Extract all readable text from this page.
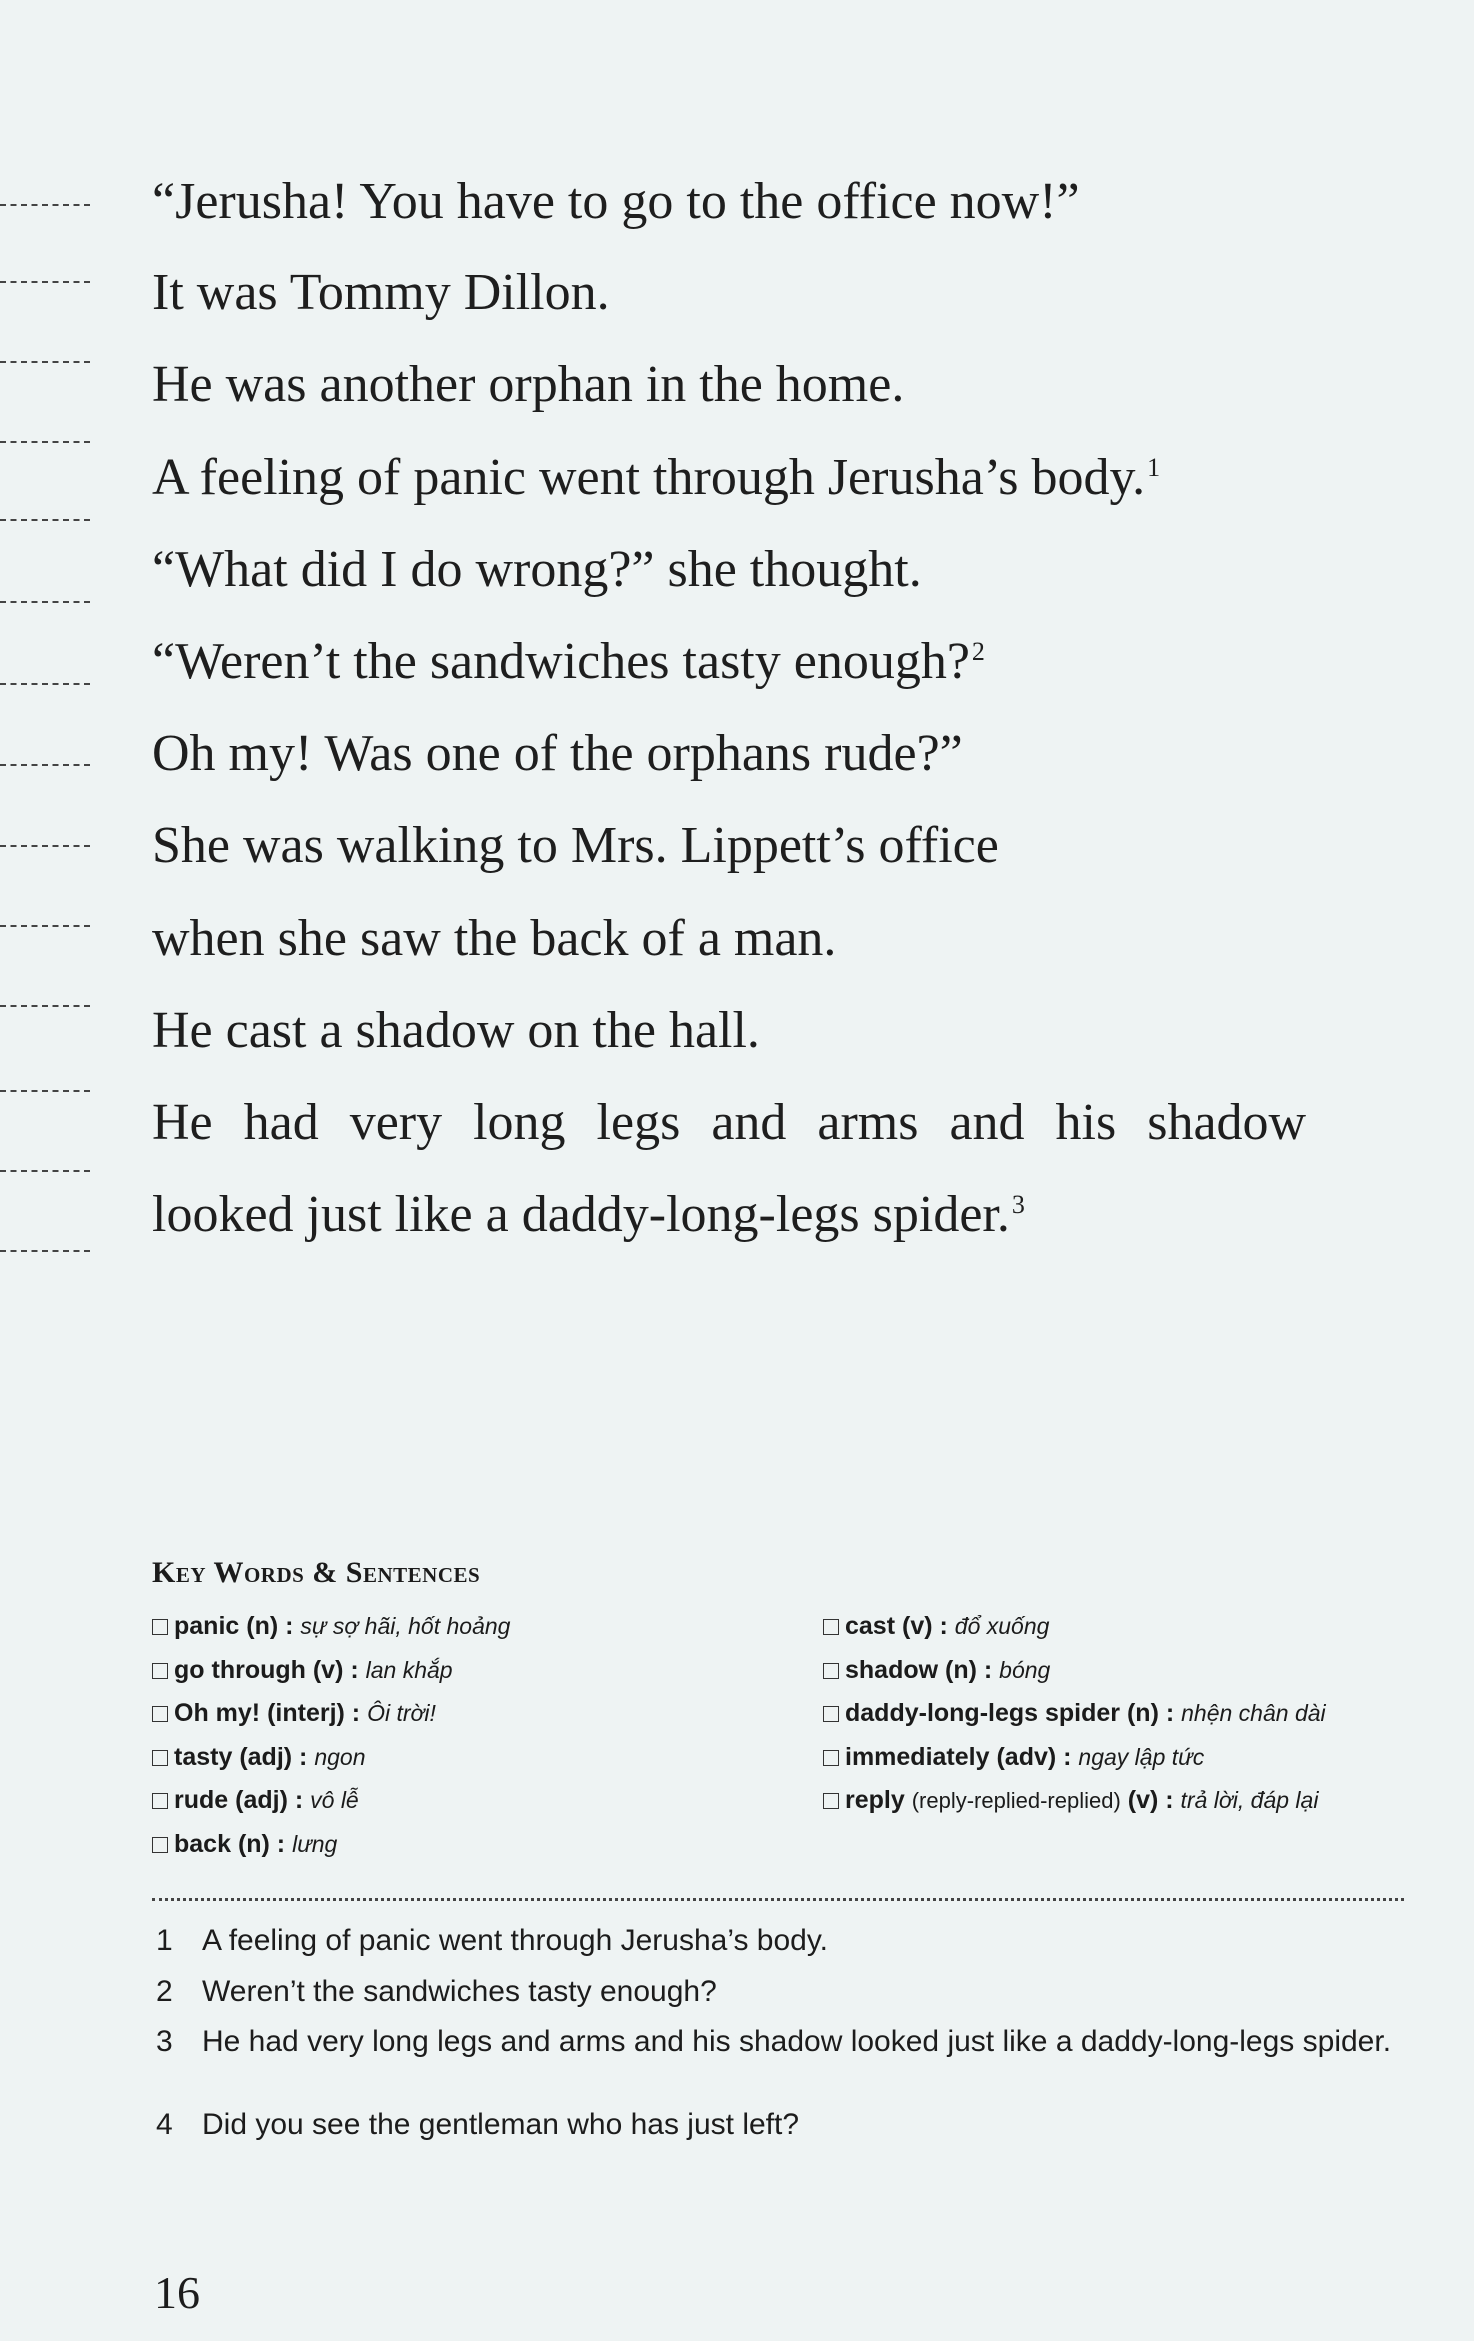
“Jerusha! You have to go to the office now!”
It was Tommy Dillon.
He was another orphan in the home.
A feeling of panic went through Jerusha’s body.$^1$
“What did I do wrong?” she thought.
“Weren’t the sandwiches tasty enough?$^2$
Oh my! Was one of the orphans rude?”
She was walking to Mrs. Lippett’s office
when she saw the back of a man.
He cast a shadow on the hall.
He had very long legs and arms and his shadow
looked just like a daddy-long-legs spider.$^3$
Key Words & Sentences
panic (n) : sự sợ hãi, hốt hoảng
go through (v) : lan khắp
Oh my! (interj) : Ôi trời!
tasty (adj) : ngon
rude (adj) : vô lễ
back (n) : lưng
cast (v) : đổ xuống
shadow (n) : bóng
daddy-long-legs spider (n) : nhện chân dài
immediately (adv) : ngay lập tức
reply (reply-replied-replied) (v) : trả lời, đáp lại
1 A feeling of panic went through Jerusha’s body.
2 Weren’t the sandwiches tasty enough?
3 He had very long legs and arms and his shadow looked just like a daddy-long-legs spider.
4 Did you see the gentleman who has just left?
16
